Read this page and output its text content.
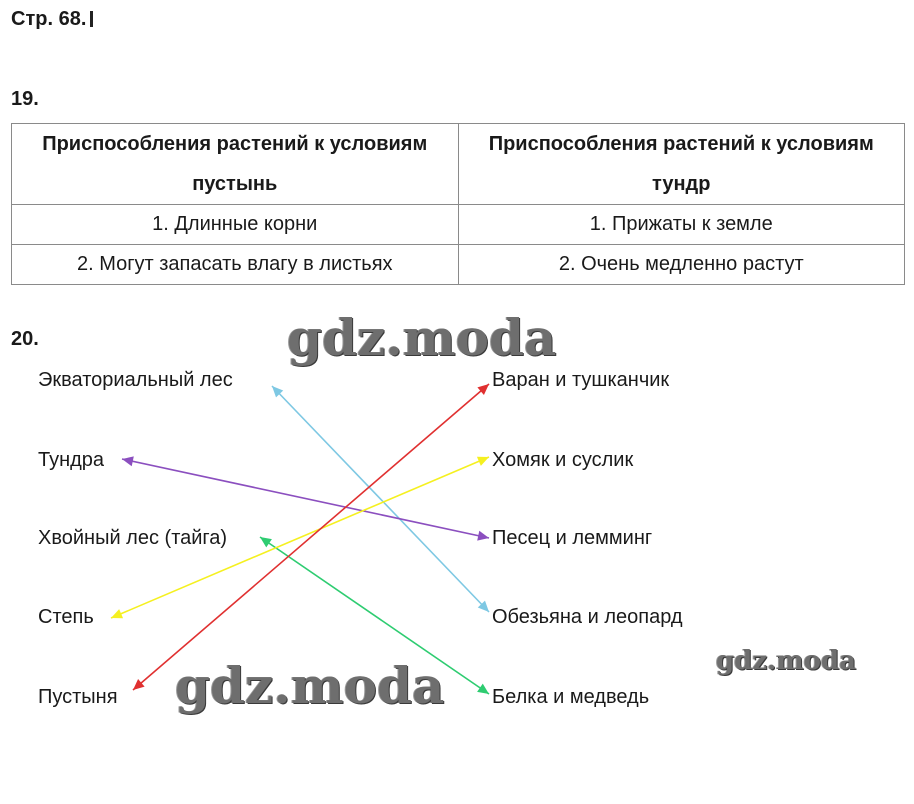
Стр. 68.
19.
Приспособления растений к условиям пустынь	Приспособления растений к условиям тундр
1. Длинные корни	1. Прижаты к земле
2. Могут запасать влагу в листьях	2. Очень медленно растут
20.
Экваториальный лес
Тундра
Хвойный лес (тайга)
Степь
Пустыня
Варан и тушканчик
Хомяк и суслик
Песец и лемминг
Обезьяна и леопард
Белка и медведь
gdz.moda
gdz.moda	gdz.moda
